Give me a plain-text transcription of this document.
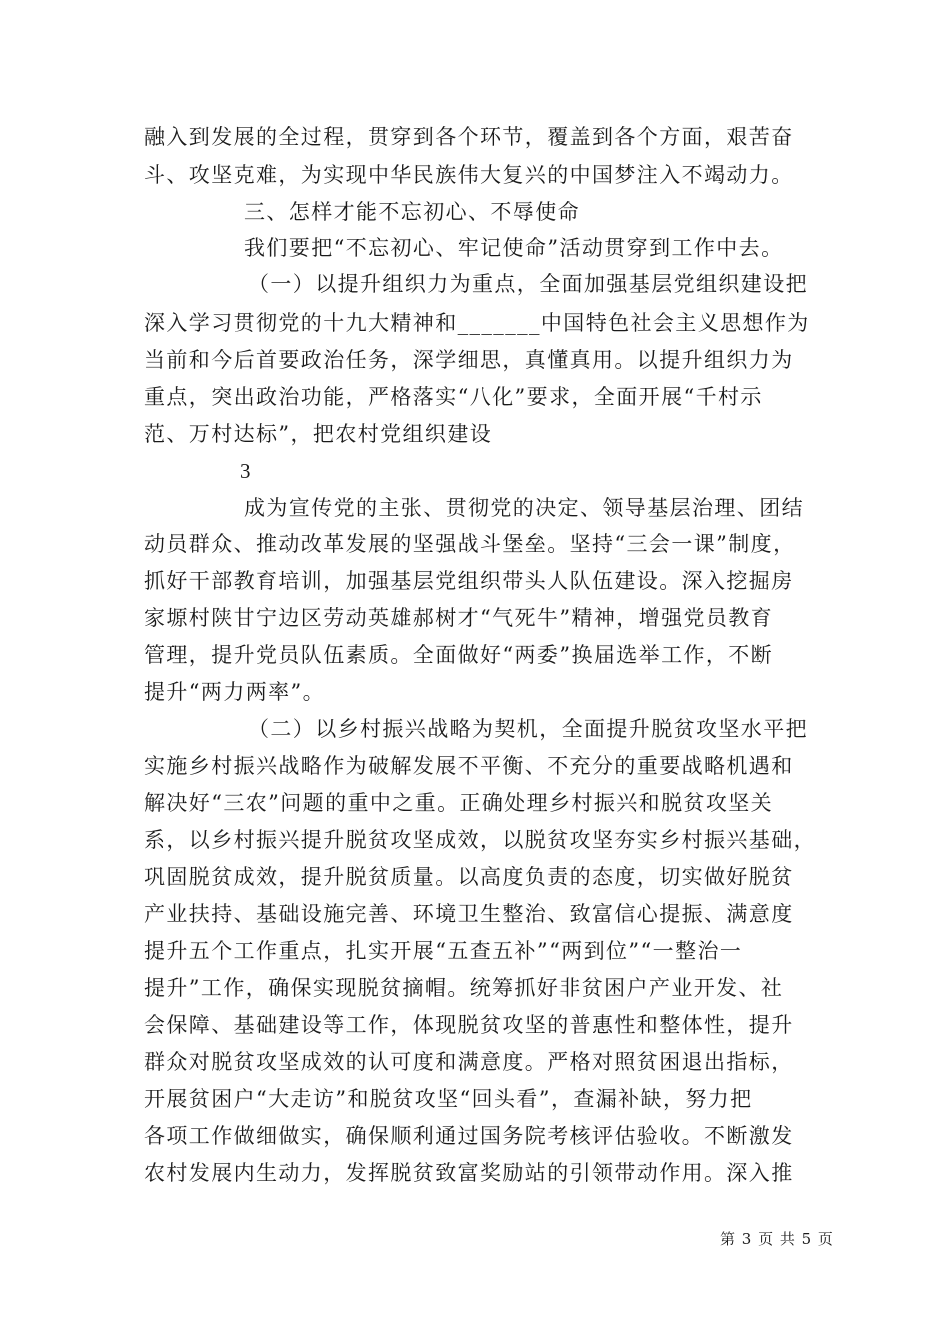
融入到发展的全过程，贯穿到各个环节，覆盖到各个方面，艰苦奋
斗、攻坚克难，为实现中华民族伟大复兴的中国梦注入不竭动力。
三、怎样才能不忘初心、不辱使命
我们要把“不忘初心、牢记使命”活动贯穿到工作中去。
（一）以提升组织力为重点，全面加强基层党组织建设把
深入学习贯彻党的十九大精神和_______中国特色社会主义思想作为
当前和今后首要政治任务，深学细思，真懂真用。以提升组织力为
重点，突出政治功能，严格落实“八化”要求，全面开展“千村示
范、万村达标”，把农村党组织建设
3
成为宣传党的主张、贯彻党的决定、领导基层治理、团结
动员群众、推动改革发展的坚强战斗堡垒。坚持“三会一课”制度，
抓好干部教育培训，加强基层党组织带头人队伍建设。深入挖掘房
家塬村陕甘宁边区劳动英雄郝树才“气死牛”精神，增强党员教育
管理，提升党员队伍素质。全面做好“两委”换届选举工作，不断
提升“两力两率”。
（二）以乡村振兴战略为契机，全面提升脱贫攻坚水平把
实施乡村振兴战略作为破解发展不平衡、不充分的重要战略机遇和
解决好“三农”问题的重中之重。正确处理乡村振兴和脱贫攻坚关
系，以乡村振兴提升脱贫攻坚成效，以脱贫攻坚夯实乡村振兴基础，
巩固脱贫成效，提升脱贫质量。以高度负责的态度，切实做好脱贫
产业扶持、基础设施完善、环境卫生整治、致富信心提振、满意度
提升五个工作重点，扎实开展“五查五补”“两到位”“一整治一
提升”工作，确保实现脱贫摘帽。统筹抓好非贫困户产业开发、社
会保障、基础建设等工作，体现脱贫攻坚的普惠性和整体性，提升
群众对脱贫攻坚成效的认可度和满意度。严格对照贫困退出指标，
开展贫困户“大走访”和脱贫攻坚“回头看”，查漏补缺，努力把
各项工作做细做实，确保顺利通过国务院考核评估验收。不断激发
农村发展内生动力，发挥脱贫致富奖励站的引领带动作用。深入推
第 3 页 共 5 页
